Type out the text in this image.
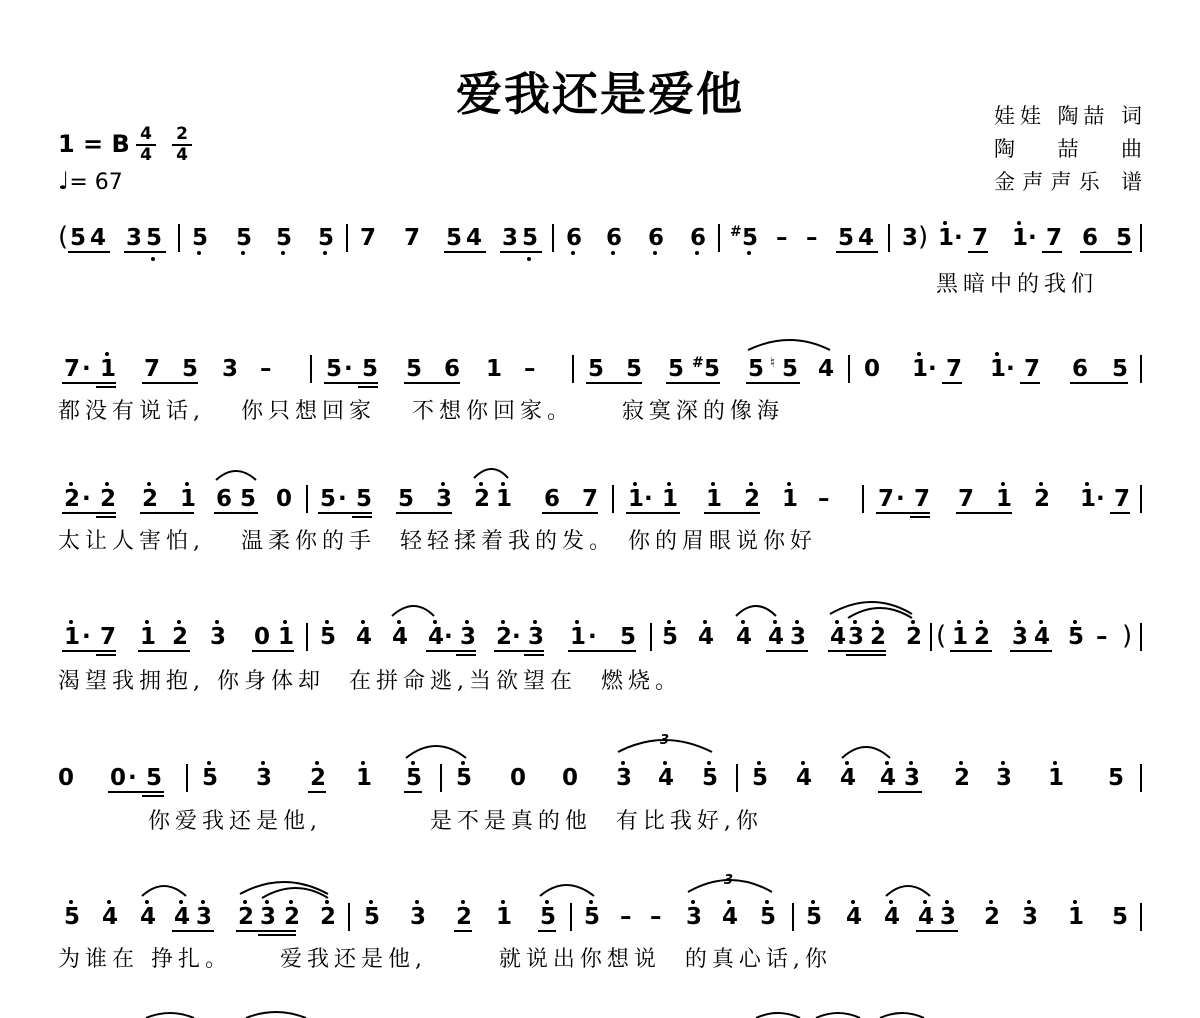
爱我还是爱他	娃娃 陶喆 词
陶 喆 曲
金声声乐 谱
1 = B 4
4
2
4
♩= 67
( 5 4 3 5 5 5 5 5 7 7 5 4 3 5 6 6 6 6 # 5 – – 5 4 3 ) 1 · 7 1 · 7 6 5
7 · 1 7 5 3 – 5 · 5 5 6 1 – 5 5 5 # 5 5 ♮ 5 4 0 1 · 7 1 · 7 6 5
2 · 2 2 1 6 5 0 5 · 5 5 3 2 1 6 7 1 · 1 1 2 1 – 7 · 7 7 1 2 1 · 7
1 · 7 1 2 3 0 1 5 4 4 4 · 3 2 · 3 1 · 5 5 4 4 4 3 4 3 2 2 ( 1 2 3 4 5 – )
0 0 · 5 5 3 2 1 5 5 0 0 3 4 5 5 4 4 4 3 2 3 1 5
3
5 4 4 4 3 2 3 2 2 5 3 2 1 5 5 – – 3 4 5 5 4 4 4 3 2 3 1 5
3
黑暗中的我们
都没有说话,   你只想回家   不想你回家。    寂寞深的像海
太让人害怕,   温柔你的手  轻轻揉着我的发。 你的眉眼说你好
渴望我拥抱, 你身体却  在拼命逃,当欲望在  燃烧。
你爱我还是他,         是不是真的他  有比我好,你
为谁在 挣扎。    爱我还是他,      就说出你想说  的真心话,你
